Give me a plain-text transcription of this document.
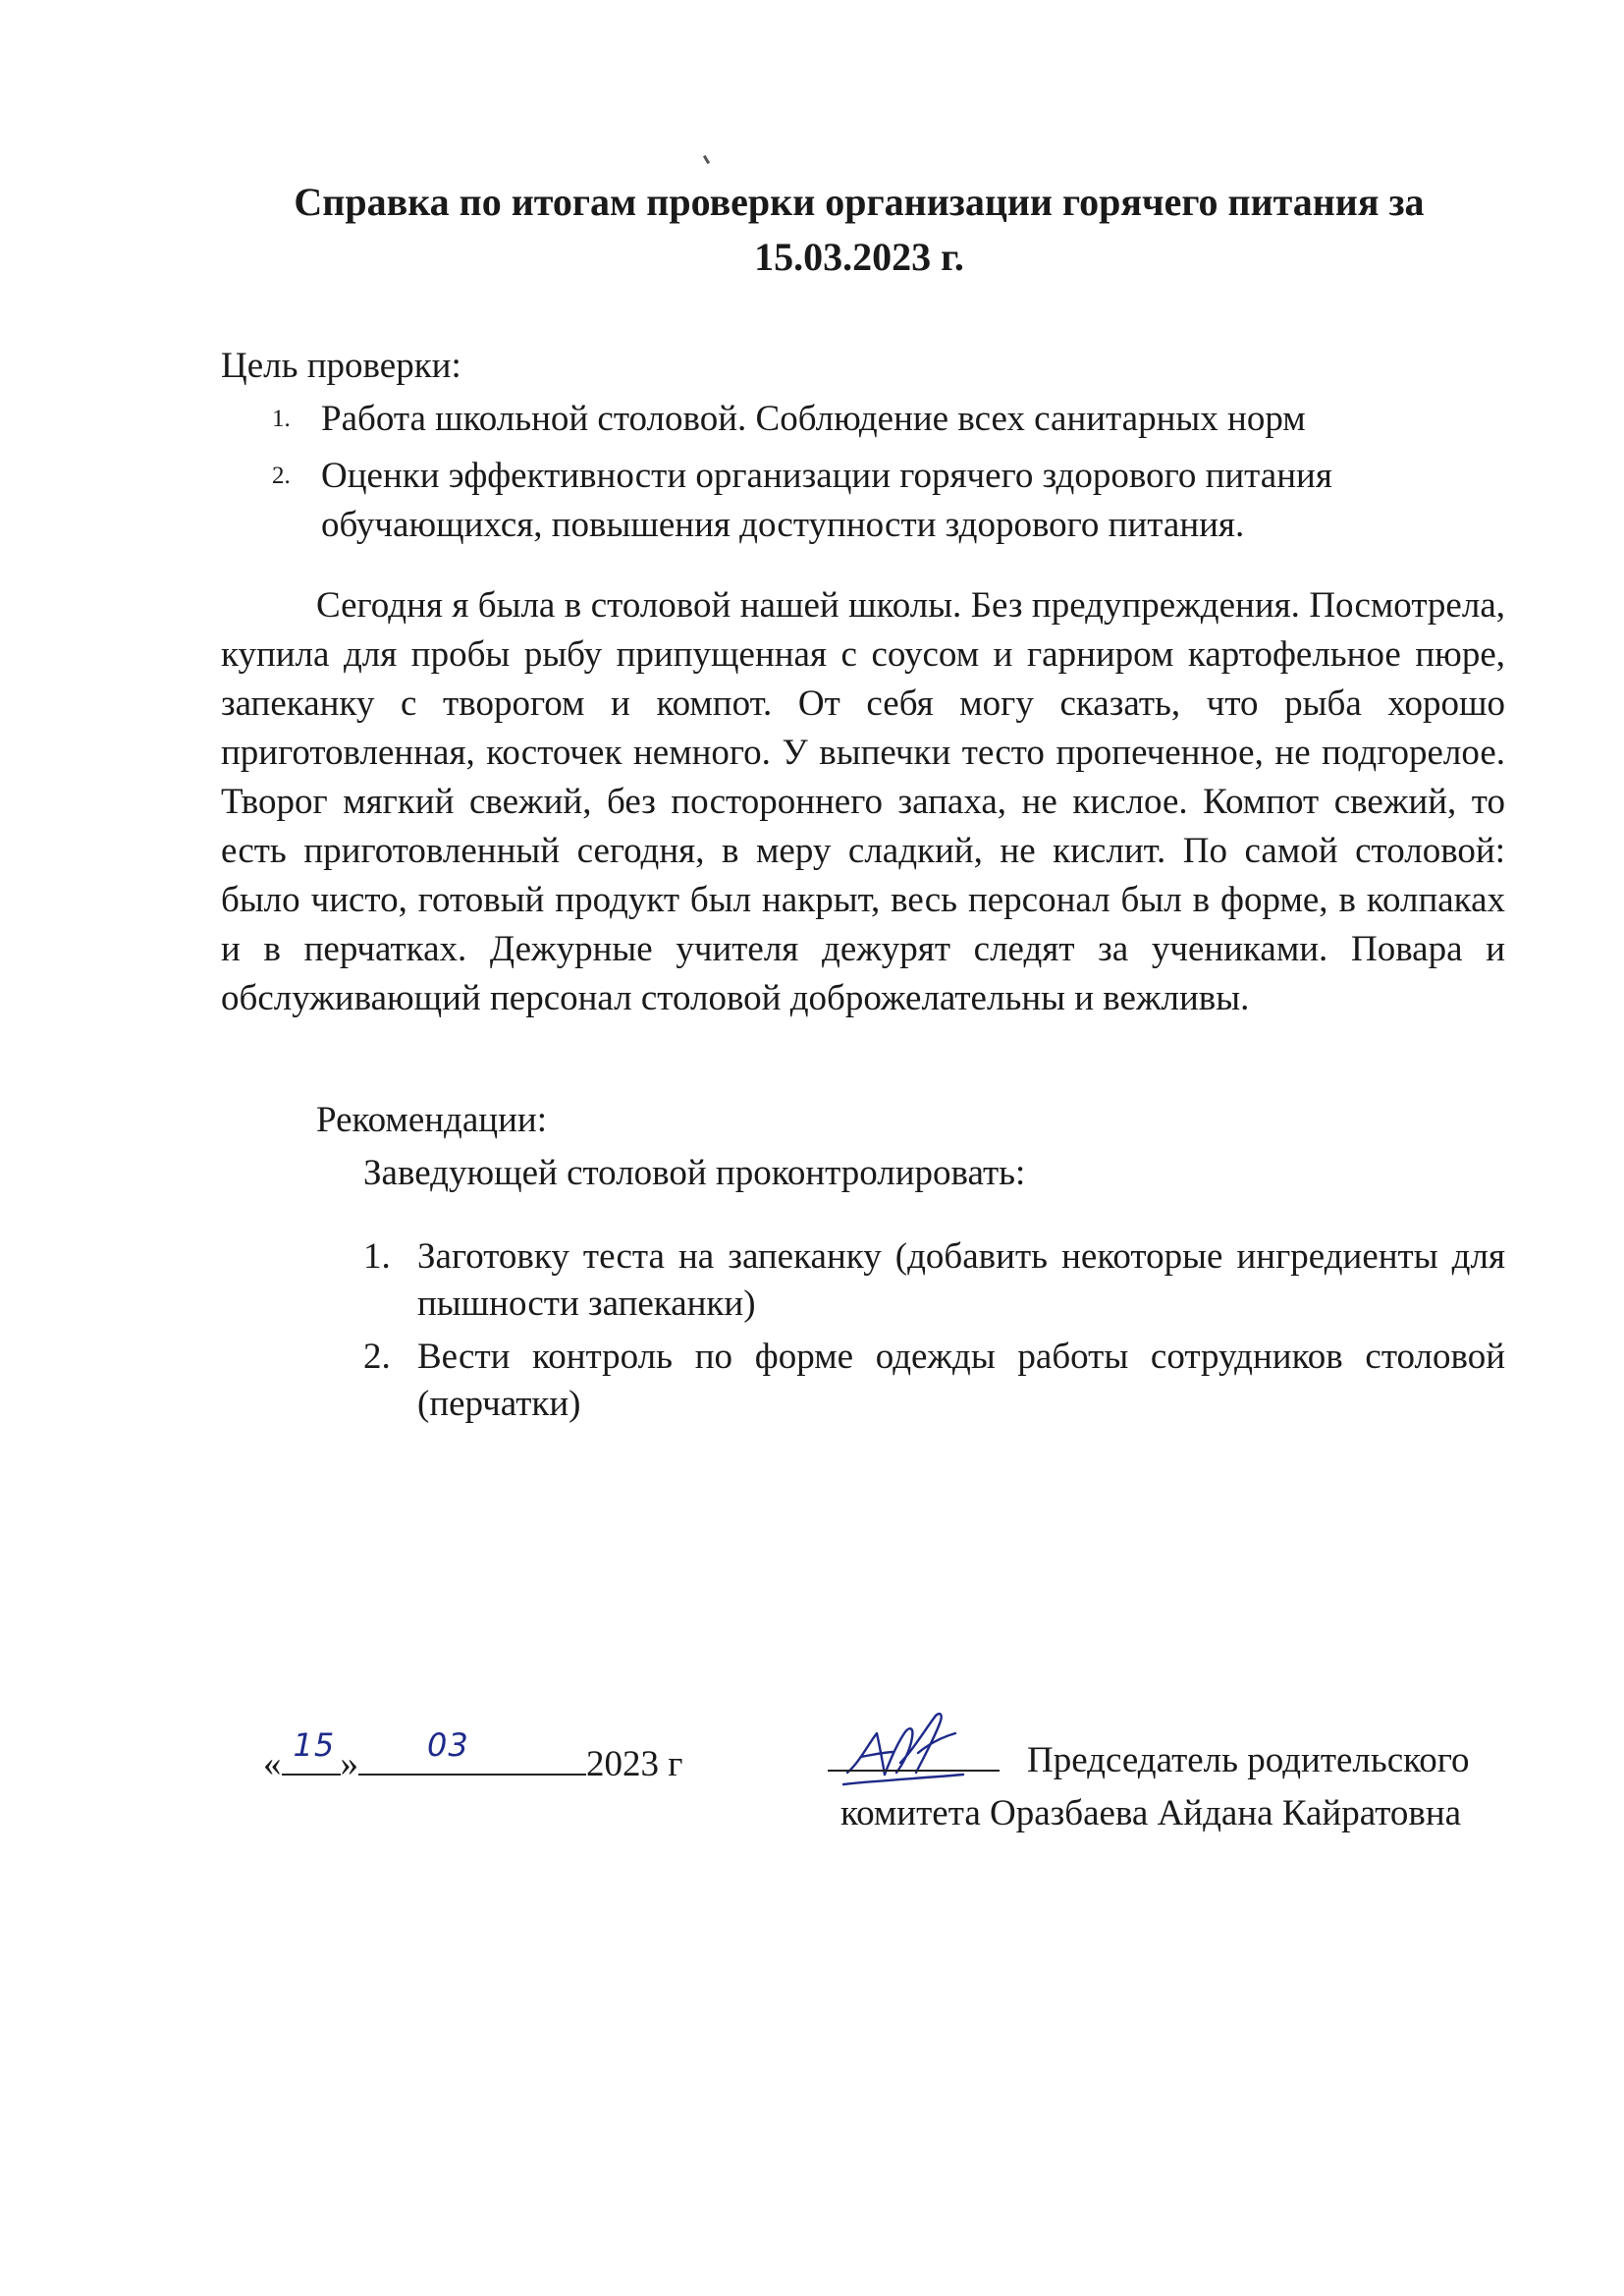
Справка по итогам проверки организации горячего питания за 15.03.2023 г.
Цель проверки:
1. Работа школьной столовой. Соблюдение всех санитарных норм
2. Оценки эффективности организации горячего здорового питания обучающихся, повышения доступности здорового питания.

Сегодня я была в столовой нашей школы. Без предупреждения. Посмотрела, купила для пробы рыбу припущенная с соусом и гарниром картофельное пюре, запеканку с творогом и компот. От себя могу сказать, что рыба хорошо приготовленная, косточек немного. У выпечки тесто пропеченное, не подгорелое. Творог мягкий свежий, без постороннего запаха, не кислое. Компот свежий, то есть приготовленный сегодня, в меру сладкий, не кислит. По самой столовой: было чисто, готовый продукт был накрыт, весь персонал был в форме, в колпаках и в перчатках. Дежурные учителя дежурят следят за учениками. Повара и обслуживающий персонал столовой доброжелательны и вежливы.

Рекомендации:
Заведующей столовой проконтролировать:
1. Заготовку теста на запеканку (добавить некоторые ингредиенты для пышности запеканки)
2. Вести контроль по форме одежды работы сотрудников столовой (перчатки)
« 15 » 03	2023 г	Председатель родительского
комитета Оразбаева Айдана Кайратовна
